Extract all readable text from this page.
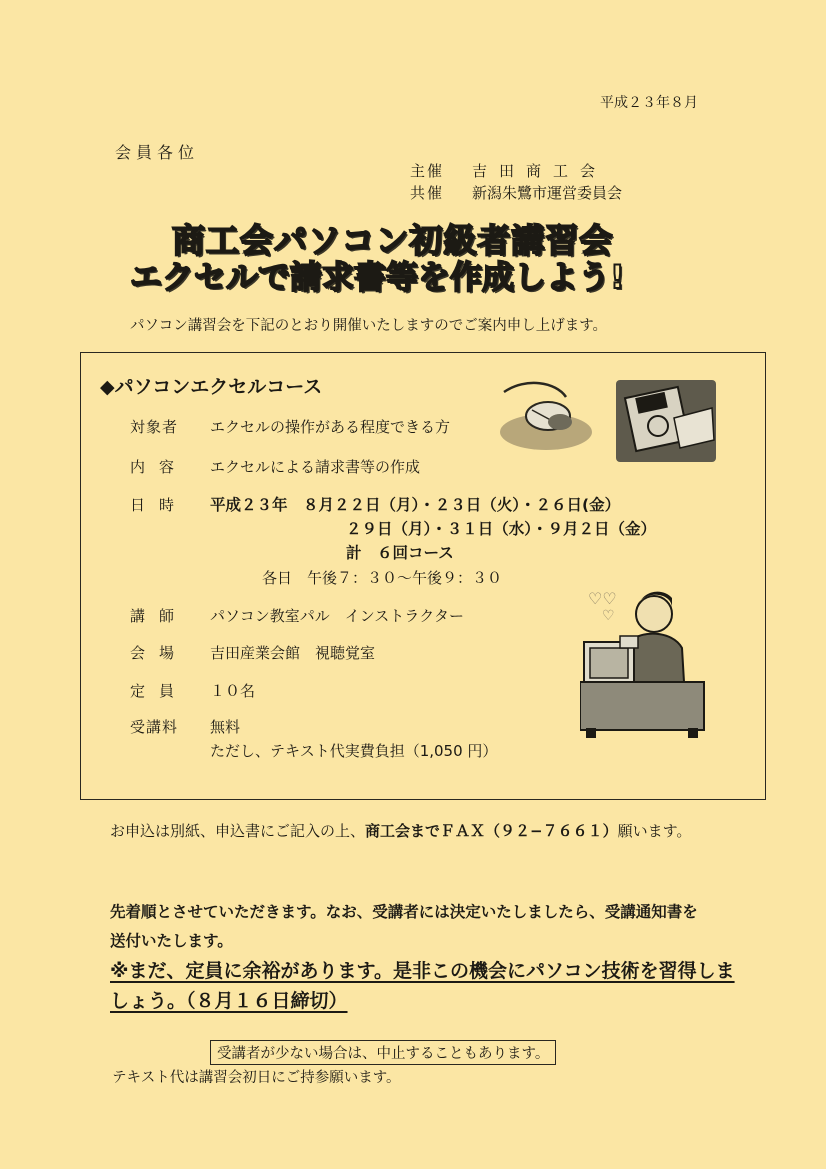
平成２３年８月
会員各位
主催	吉田商工会
共催	新潟朱鷺市運営委員会
商工会パソコン初級者講習会
エクセルで請求書等を作成しよう!
パソコン講習会を下記のとおり開催いたしますのでご案内申し上げます。
◆パソコンエクセルコース
対象者 エクセルの操作がある程度できる方
内容 エクセルによる請求書等の作成
日時 平成２３年　８月２２日（月）・２３日（火）・２６日(金）
２９日（月）・３１日（水）・９月２日（金）
計　６回コース
各日　午後７：３０〜午後９：３０
講師 パソコン教室パル　インストラクター
会場 吉田産業会館　視聴覚室
定員 １０名
受講料 無料
ただし、テキスト代実費負担（1,050 円）
♡♡
♡
お申込は別紙、申込書にご記入の上、商工会までＦＡＸ（９２−７６６１）願います。
先着順とさせていただきます。なお、受講者には決定いたしましたら、受講通知書を送付いたします。
※まだ、定員に余裕があります。是非この機会にパソコン技術を習得しましょう。（８月１６日締切）
受講者が少ない場合は、中止することもあります。
テキスト代は講習会初日にご持参願います。
